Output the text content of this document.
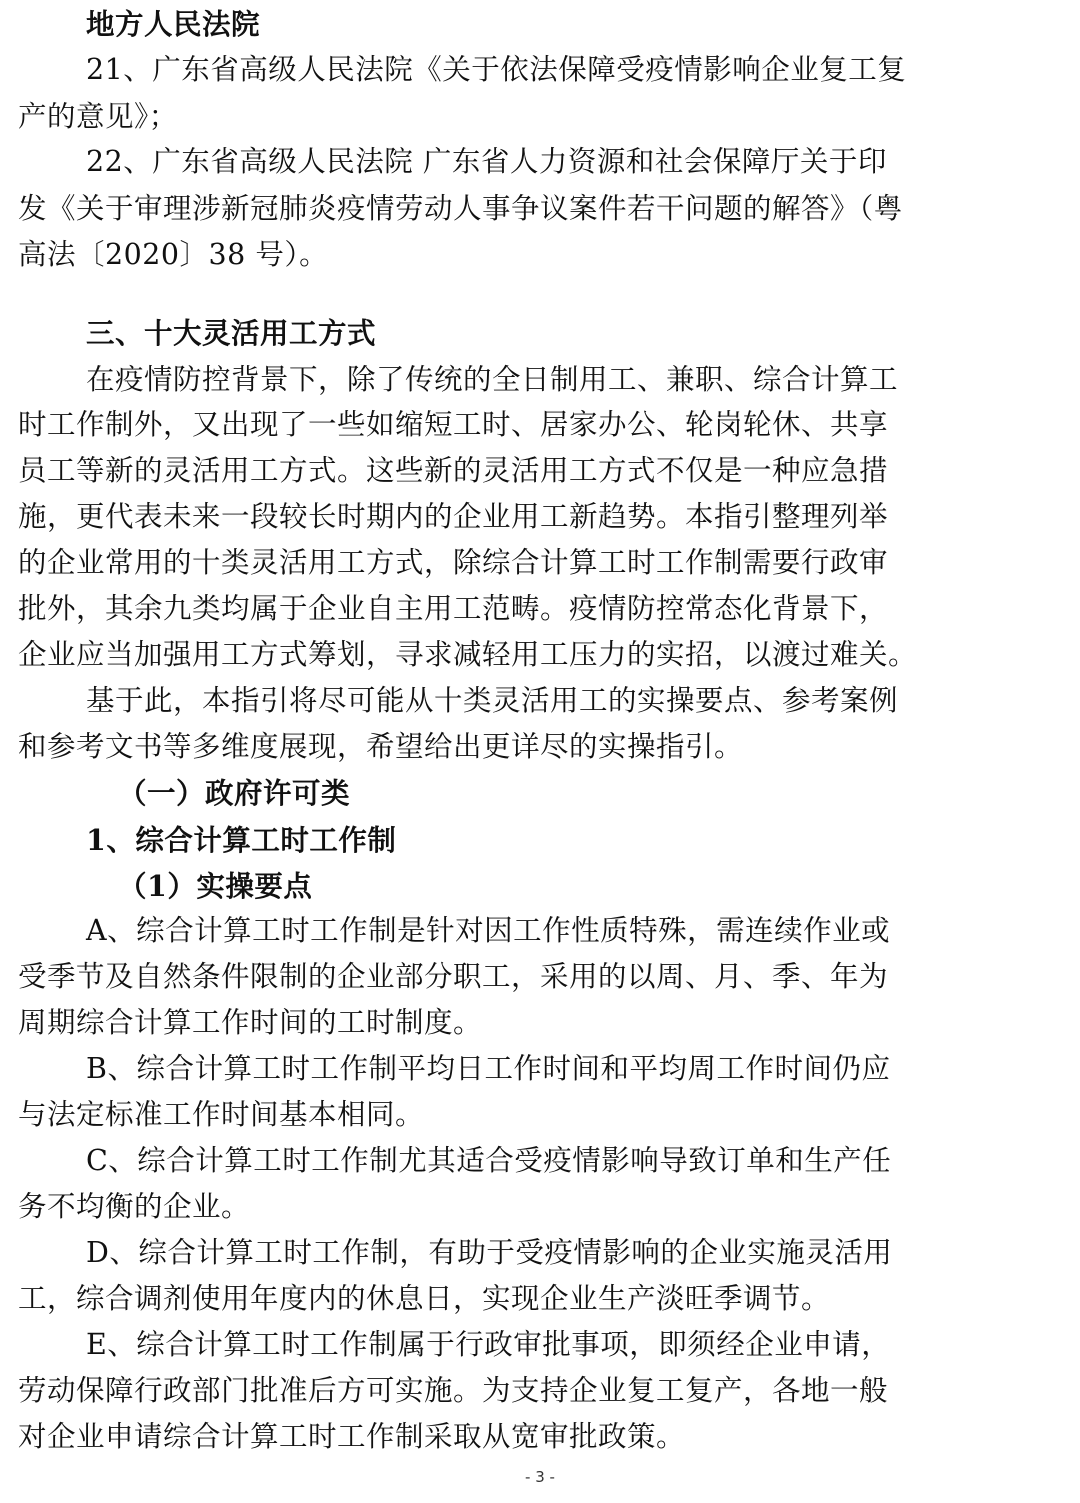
地方人民法院
21、广东省高级人民法院《关于依法保障受疫情影响企业复工复
产的意见》；
22、广东省高级人民法院 广东省人力资源和社会保障厅关于印
发《关于审理涉新冠肺炎疫情劳动人事争议案件若干问题的解答》（粤
高法〔2020〕38 号）。
三、十大灵活用工方式
在疫情防控背景下，除了传统的全日制用工、兼职、综合计算工
时工作制外，又出现了一些如缩短工时、居家办公、轮岗轮休、共享
员工等新的灵活用工方式。这些新的灵活用工方式不仅是一种应急措
施，更代表未来一段较长时期内的企业用工新趋势。本指引整理列举
的企业常用的十类灵活用工方式，除综合计算工时工作制需要行政审
批外，其余九类均属于企业自主用工范畴。疫情防控常态化背景下，
企业应当加强用工方式筹划，寻求减轻用工压力的实招，以渡过难关。
基于此，本指引将尽可能从十类灵活用工的实操要点、参考案例
和参考文书等多维度展现，希望给出更详尽的实操指引。
（一）政府许可类
1、综合计算工时工作制
（1）实操要点
A、综合计算工时工作制是针对因工作性质特殊，需连续作业或
受季节及自然条件限制的企业部分职工，采用的以周、月、季、年为
周期综合计算工作时间的工时制度。
B、综合计算工时工作制平均日工作时间和平均周工作时间仍应
与法定标准工作时间基本相同。
C、综合计算工时工作制尤其适合受疫情影响导致订单和生产任
务不均衡的企业。
D、综合计算工时工作制，有助于受疫情影响的企业实施灵活用
工，综合调剂使用年度内的休息日，实现企业生产淡旺季调节。
E、综合计算工时工作制属于行政审批事项，即须经企业申请，
劳动保障行政部门批准后方可实施。为支持企业复工复产，各地一般
对企业申请综合计算工时工作制采取从宽审批政策。
- 3 -
